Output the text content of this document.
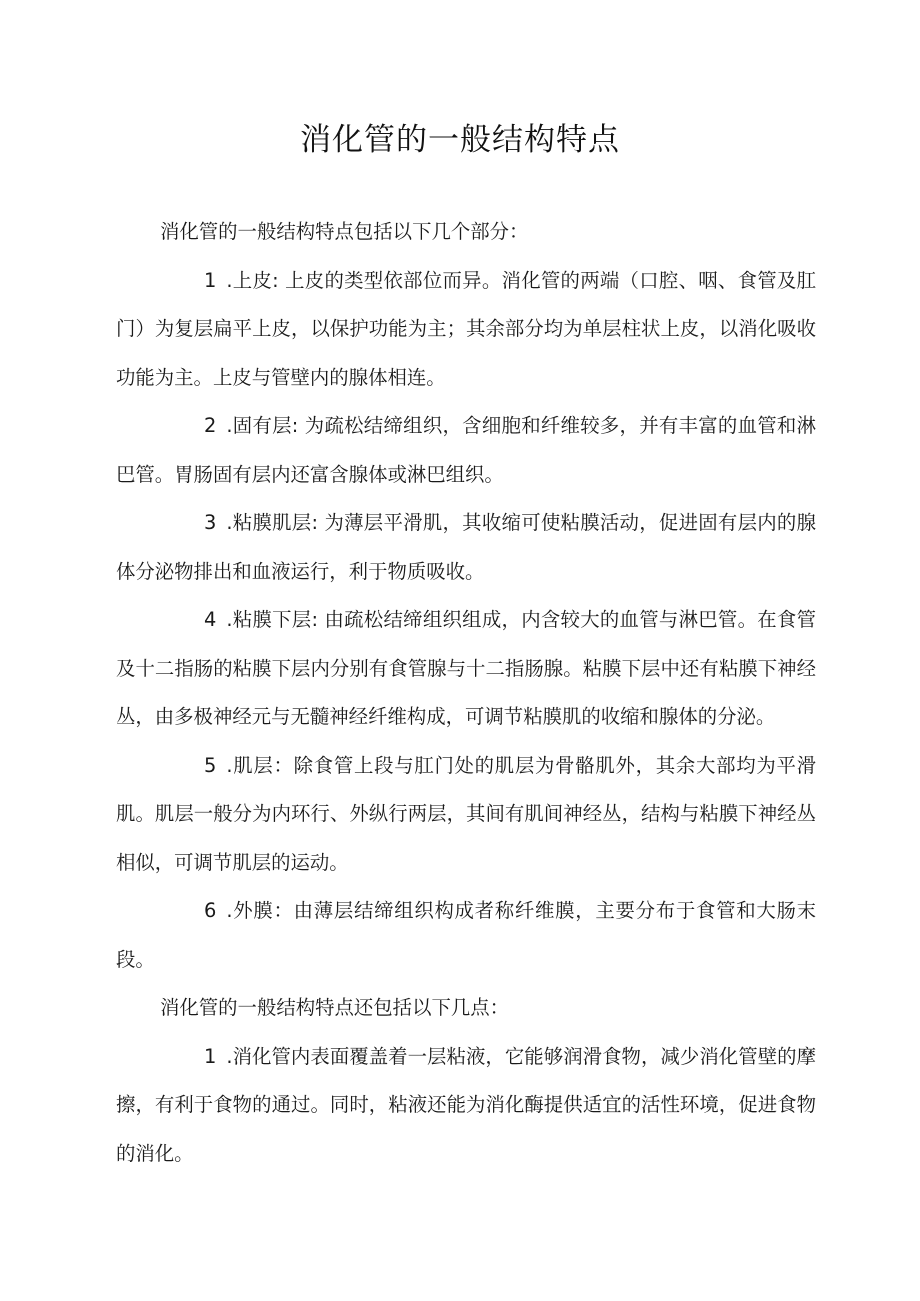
消化管的一般结构特点

消化管的一般结构特点包括以下几个部分：

1 .上皮: 上皮的类型依部位而异。消化管的两端（口腔、咽、食管及肛门）为复层扁平上皮，以保护功能为主；其余部分均为单层柱状上皮，以消化吸收功能为主。上皮与管壁内的腺体相连。

2 .固有层: 为疏松结缔组织，含细胞和纤维较多，并有丰富的血管和淋巴管。胃肠固有层内还富含腺体或淋巴组织。

3 .粘膜肌层: 为薄层平滑肌，其收缩可使粘膜活动，促进固有层内的腺体分泌物排出和血液运行，利于物质吸收。

4 .粘膜下层: 由疏松结缔组织组成，内含较大的血管与淋巴管。在食管及十二指肠的粘膜下层内分别有食管腺与十二指肠腺。粘膜下层中还有粘膜下神经丛，由多极神经元与无髓神经纤维构成，可调节粘膜肌的收缩和腺体的分泌。

5 .肌层：除食管上段与肛门处的肌层为骨骼肌外，其余大部均为平滑肌。肌层一般分为内环行、外纵行两层，其间有肌间神经丛，结构与粘膜下神经丛相似，可调节肌层的运动。

6 .外膜：由薄层结缔组织构成者称纤维膜，主要分布于食管和大肠末段。

消化管的一般结构特点还包括以下几点：

1 .消化管内表面覆盖着一层粘液，它能够润滑食物，减少消化管壁的摩擦，有利于食物的通过。同时，粘液还能为消化酶提供适宜的活性环境，促进食物的消化。
